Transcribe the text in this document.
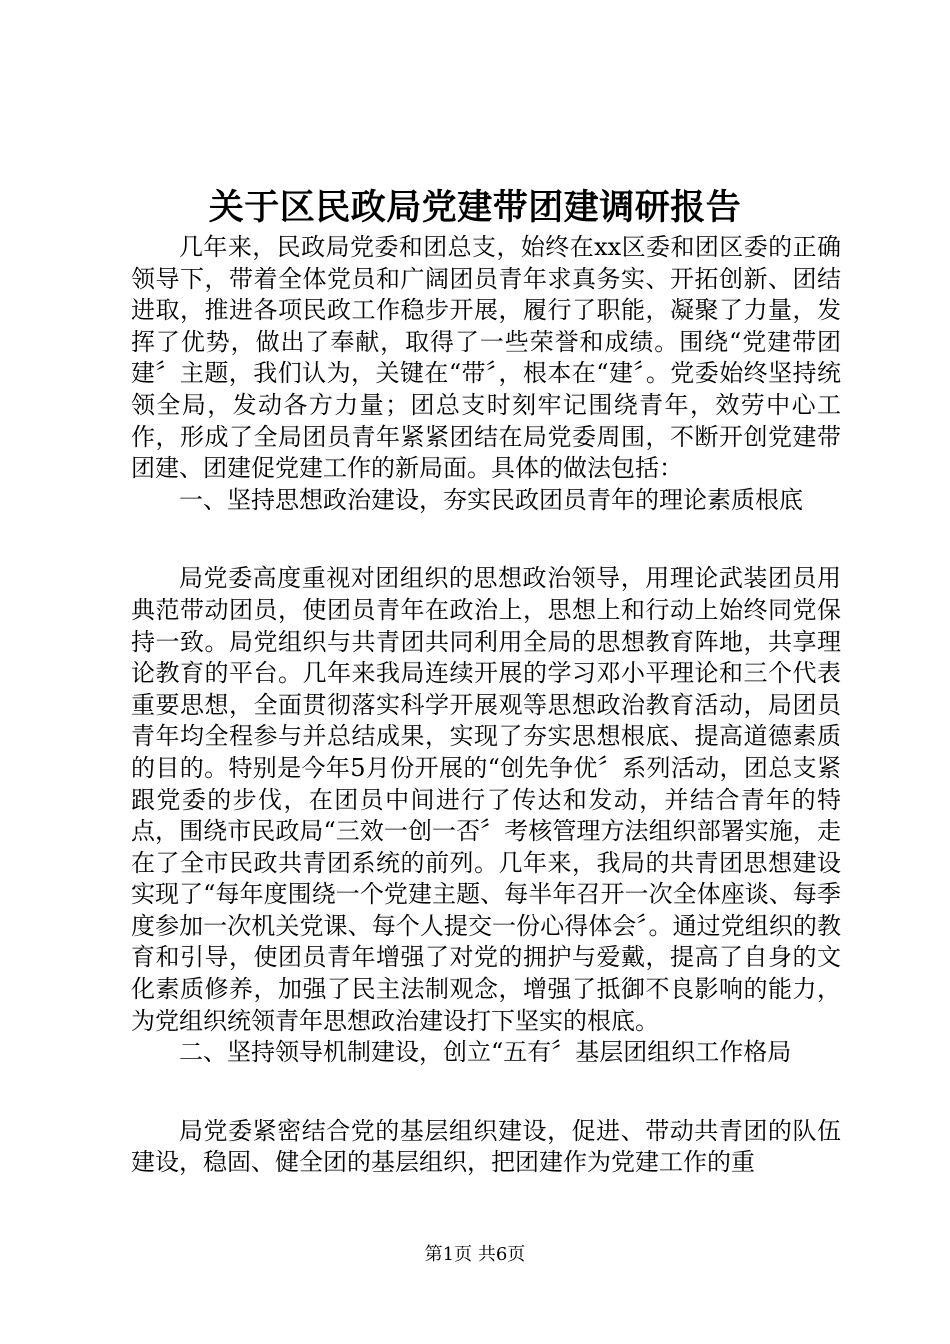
关于区民政局党建带团建调研报告

几年来，民政局党委和团总支，始终在xx区委和团区委的正确领导下，带着全体党员和广阔团员青年求真务实、开拓创新、团结进取，推进各项民政工作稳步开展，履行了职能，凝聚了力量，发挥了优势，做出了奉献，取得了一些荣誉和成绩。围绕“党建带团建〞主题，我们认为，关键在“带〞，根本在“建〞。党委始终坚持统领全局，发动各方力量；团总支时刻牢记围绕青年，效劳中心工作，形成了全局团员青年紧紧团结在局党委周围，不断开创党建带团建、团建促党建工作的新局面。具体的做法包括：

一、坚持思想政治建设，夯实民政团员青年的理论素质根底

局党委高度重视对团组织的思想政治领导，用理论武装团员用典范带动团员，使团员青年在政治上，思想上和行动上始终同党保持一致。局党组织与共青团共同利用全局的思想教育阵地，共享理论教育的平台。几年来我局连续开展的学习邓小平理论和三个代表重要思想，全面贯彻落实科学开展观等思想政治教育活动，局团员青年均全程参与并总结成果，实现了夯实思想根底、提高道德素质的目的。特别是今年5月份开展的“创先争优〞系列活动，团总支紧跟党委的步伐，在团员中间进行了传达和发动，并结合青年的特点，围绕市民政局“三效一创一否〞考核管理方法组织部署实施，走在了全市民政共青团系统的前列。几年来，我局的共青团思想建设实现了“每年度围绕一个党建主题、每半年召开一次全体座谈、每季度参加一次机关党课、每个人提交一份心得体会〞。通过党组织的教育和引导，使团员青年增强了对党的拥护与爱戴，提高了自身的文化素质修养，加强了民主法制观念，增强了抵御不良影响的能力，为党组织统领青年思想政治建设打下坚实的根底。

二、坚持领导机制建设，创立“五有〞基层团组织工作格局

局党委紧密结合党的基层组织建设，促进、带动共青团的队伍建设，稳固、健全团的基层组织，把团建作为党建工作的重

第1页 共6页
